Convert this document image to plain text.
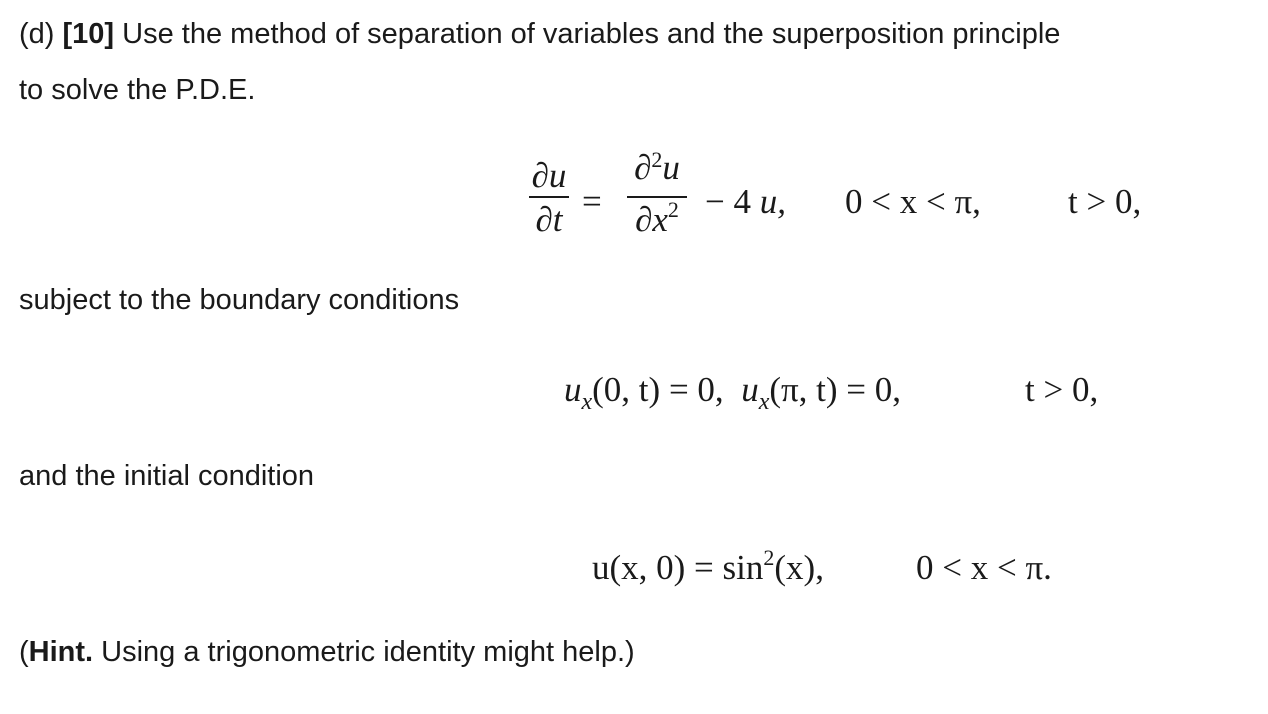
(d) [10] Use the method of separation of variables and the superposition principle
to solve the P.D.E.
∂u
∂t =
∂$^2$u
$\partial x^2 - 4$ u, 0 < x < π, t > 0,
subject to the boundary conditions
$u_x(0$, t) = 0, $u_x(\pi$, t) = 0,	t > 0,
and the initial condition
u(x, $0) = \sin^2(x)$,	0 < x < π.
(Hint. Using a trigonometric identity might help.)
